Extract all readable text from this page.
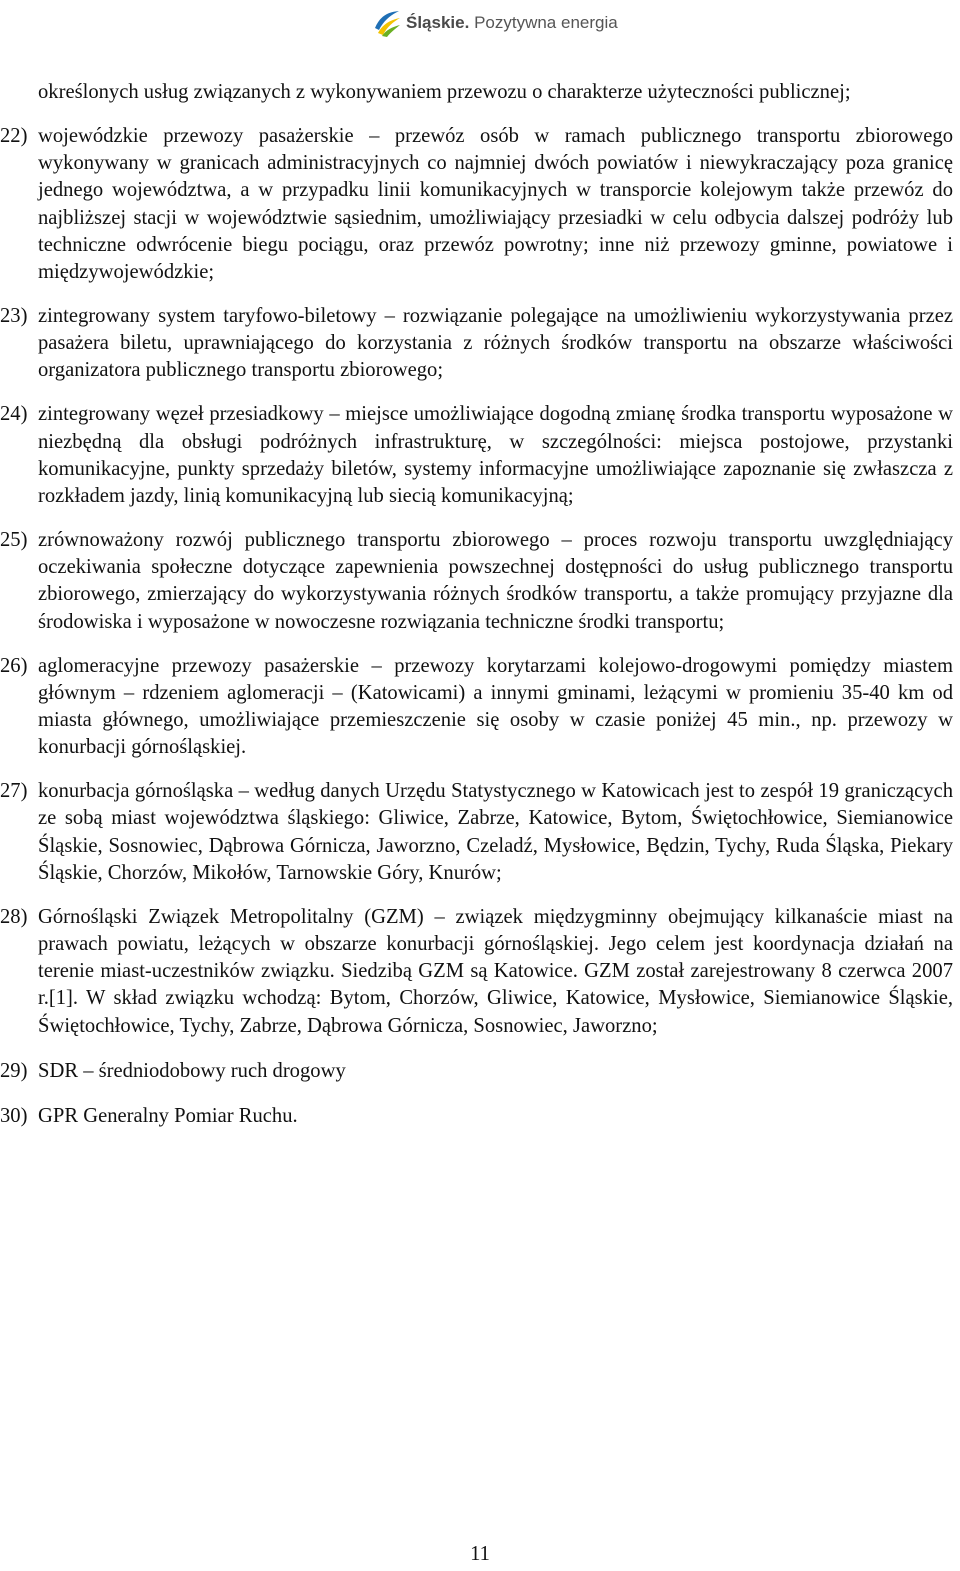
Śląskie. Pozytywna energia

określonych usług związanych z wykonywaniem przewozu o charakterze użyteczności publicznej;

22) wojewódzkie przewozy pasażerskie – przewóz osób w ramach publicznego transportu zbiorowego wykonywany w granicach administracyjnych co najmniej dwóch powiatów i niewykraczający poza granicę jednego województwa, a w przypadku linii komunikacyjnych w transporcie kolejowym także przewóz do najbliższej stacji w województwie sąsiednim, umożliwiający przesiadki w celu odbycia dalszej podróży lub techniczne odwrócenie biegu pociągu, oraz przewóz powrotny; inne niż przewozy gminne, powiatowe i międzywojewódzkie;
23) zintegrowany system taryfowo-biletowy – rozwiązanie polegające na umożliwieniu wykorzystywania przez pasażera biletu, uprawniającego do korzystania z różnych środków transportu na obszarze właściwości organizatora publicznego transportu zbiorowego;
24) zintegrowany węzeł przesiadkowy – miejsce umożliwiające dogodną zmianę środka transportu wyposażone w niezbędną dla obsługi podróżnych infrastrukturę, w szczególności: miejsca postojowe, przystanki komunikacyjne, punkty sprzedaży biletów, systemy informacyjne umożliwiające zapoznanie się zwłaszcza z rozkładem jazdy, linią komunikacyjną lub siecią komunikacyjną;
25) zrównoważony rozwój publicznego transportu zbiorowego – proces rozwoju transportu uwzględniający oczekiwania społeczne dotyczące zapewnienia powszechnej dostępności do usług publicznego transportu zbiorowego, zmierzający do wykorzystywania różnych środków transportu, a także promujący przyjazne dla środowiska i wyposażone w nowoczesne rozwiązania techniczne środki transportu;
26) aglomeracyjne przewozy pasażerskie – przewozy korytarzami kolejowo-drogowymi pomiędzy miastem głównym – rdzeniem aglomeracji – (Katowicami) a innymi gminami, leżącymi w promieniu 35-40 km od miasta głównego, umożliwiające przemieszczenie się osoby w czasie poniżej 45 min., np. przewozy w konurbacji górnośląskiej.
27) konurbacja górnośląska – według danych Urzędu Statystycznego w Katowicach jest to zespół 19 graniczących ze sobą miast województwa śląskiego: Gliwice, Zabrze, Katowice, Bytom, Świętochłowice, Siemianowice Śląskie, Sosnowiec, Dąbrowa Górnicza, Jaworzno, Czeladź, Mysłowice, Będzin, Tychy, Ruda Śląska, Piekary Śląskie, Chorzów, Mikołów, Tarnowskie Góry, Knurów;
28) Górnośląski Związek Metropolitalny (GZM) – związek międzygminny obejmujący kilkanaście miast na prawach powiatu, leżących w obszarze konurbacji górnośląskiej. Jego celem jest koordynacja działań na terenie miast-uczestników związku. Siedzibą GZM są Katowice. GZM został zarejestrowany 8 czerwca 2007 r.[1]. W skład związku wchodzą: Bytom, Chorzów, Gliwice, Katowice, Mysłowice, Siemianowice Śląskie, Świętochłowice, Tychy, Zabrze, Dąbrowa Górnicza, Sosnowiec, Jaworzno;
29) SDR – średniodobowy ruch drogowy
30) GPR Generalny Pomiar Ruchu.
11
